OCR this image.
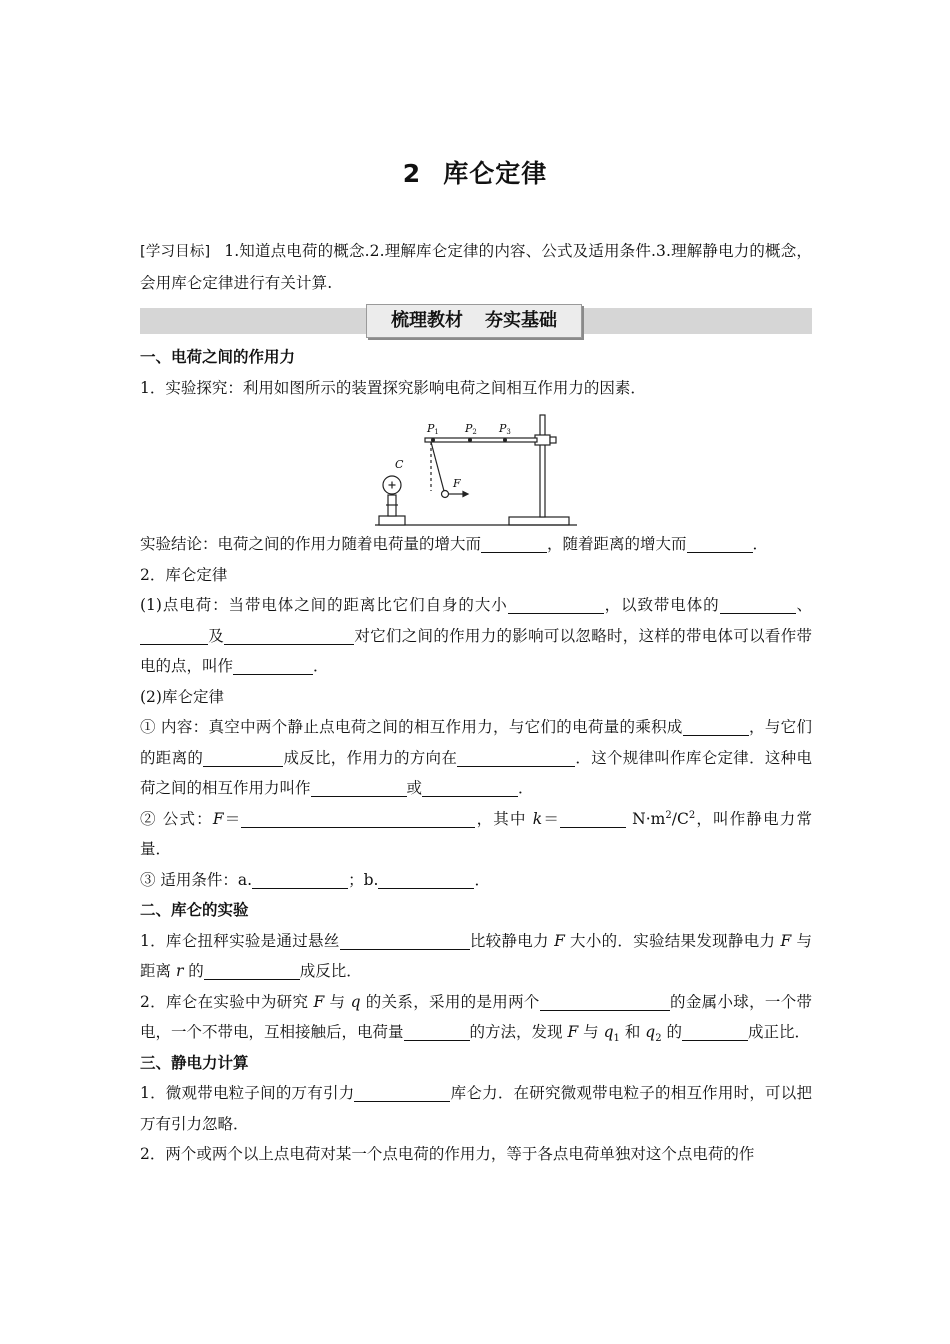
2 库仑定律

[学习目标] 1.知道点电荷的概念.2.理解库仑定律的内容、公式及适用条件.3.理解静电力的概念，会用库仑定律进行有关计算.

梳理教材 夯实基础

一、电荷之间的作用力

1．实验探究：利用如图所示的装置探究影响电荷之间相互作用力的因素．

P1 P2 P3
C
F

实验结论：电荷之间的作用力随着电荷量的增大而	，随着距离的增大而	．

2．库仑定律

(1)点电荷：当带电体之间的距离比它们自身的大小	，以致带电体的	、及	对它们之间的作用力的影响可以忽略时，这样的带电体可以看作带电的点，叫作	．

(2)库仑定律

① 内容：真空中两个静止点电荷之间的相互作用力，与它们的电荷量的乘积成	，与它们的距离的	成反比，作用力的方向在	．这个规律叫作库仑定律．这种电荷之间的相互作用力叫作	或	．

② 公式：F＝	，其中 k＝	$N\cdot m^2/C^2$，叫作静电力常量．

③ 适用条件：a.	；b.	．

二、库仑的实验

1．库仑扭秤实验是通过悬丝	比较静电力 F 大小的．实验结果发现静电力 F 与距离 r 的	成反比．

2．库仑在实验中为研究 F 与 q 的关系，采用的是用两个	的金属小球，一个带电，一个不带电，互相接触后，电荷量	的方法，发现 F 与 $q_1$ 和 $q_2$ 的	成正比．

三、静电力计算

1．微观带电粒子间的万有引力	库仑力．在研究微观带电粒子的相互作用时，可以把万有引力忽略．

2．两个或两个以上点电荷对某一个点电荷的作用力，等于各点电荷单独对这个点电荷的作
